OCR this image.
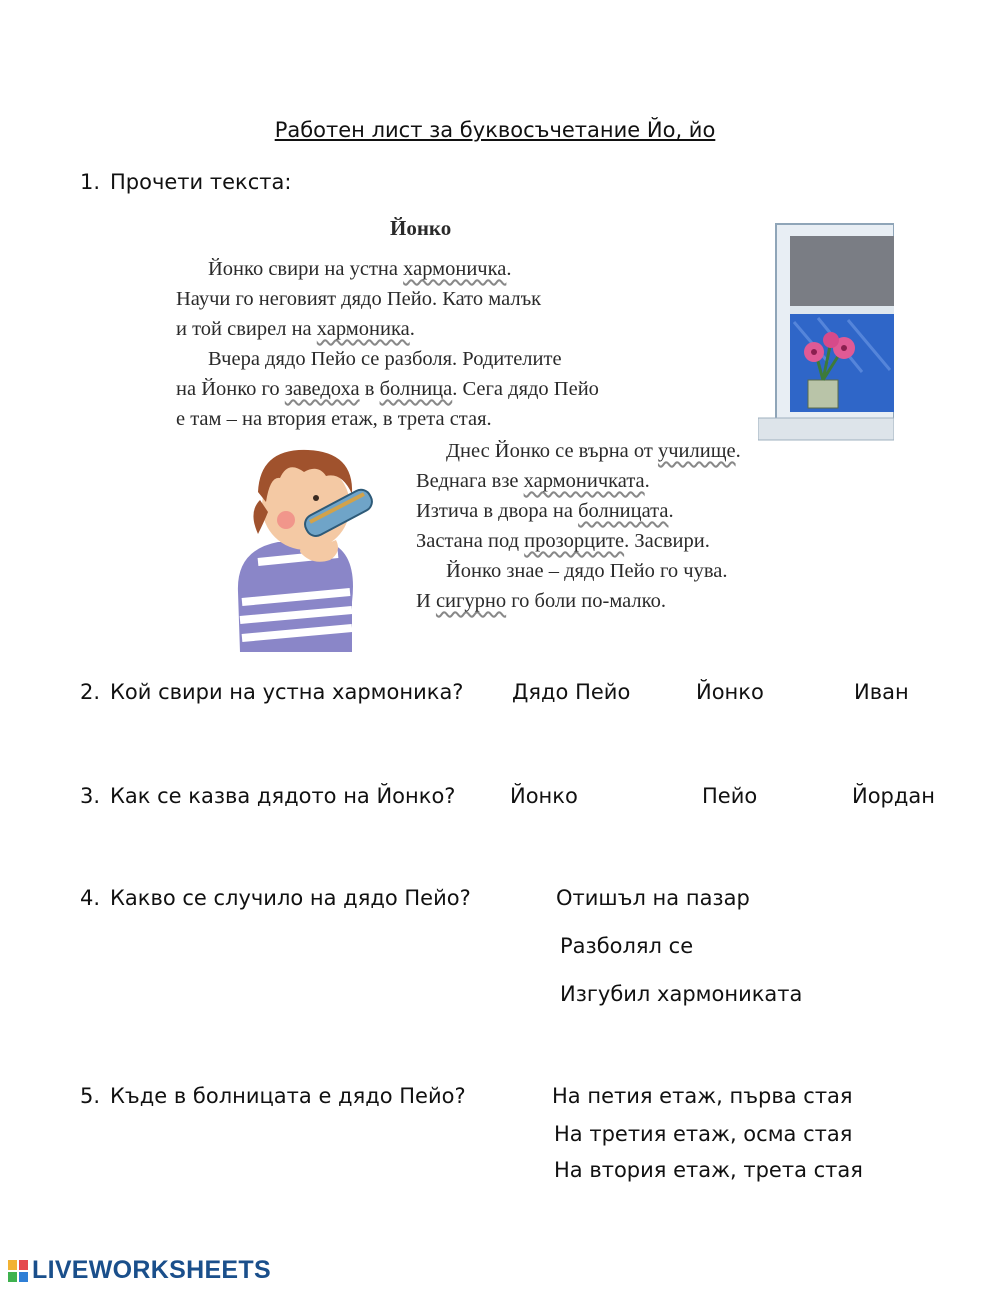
Работен лист за буквосъчетание Йо, йо
1. Прочети текста:
Йонко
Йонко свири на устна хармоничка.
Научи го неговият дядо Пейо. Като малък
и той свирел на хармоника.
Вчера дядо Пейо се разболя. Родителите
на Йонко го заведоха в болница. Сега дядо Пейо
е там – на втория етаж, в трета стая.
Днес Йонко се върна от училище.
Веднага взе хармоничката.
Изтича в двора на болницата.
Застана под прозорците. Засвири.
Йонко знае – дядо Пейо го чува.
И сигурно го боли по-малко.
2. Кой свири на устна хармоника? Дядо Пейо	Йонко	Иван
3. Как се казва дядото на Йонко?	Йонко	Пейо	Йордан
4. Какво се случило на дядо Пейо?	Отишъл на пазар
Разболял се
Изгубил хармониката
5. Къде в болницата е дядо Пейо?	На петия етаж, първа стая
На третия етаж, осма стая
На втория етаж, трета стая
LIVEWORKSHEETS
